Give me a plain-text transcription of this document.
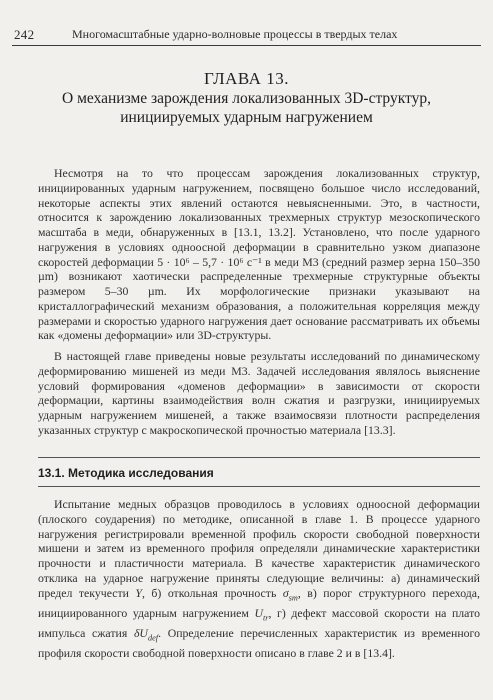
242	Многомасштабные ударно-волновые процессы в твердых телах
ГЛАВА 13.
О механизме зарождения локализованных 3D-структур,
инициируемых ударным нагружением

Несмотря на то что процессам зарождения локализованных структур, инициированных ударным нагружением, посвящено большое число исследований, некоторые аспекты этих явлений остаются невыясненными. Это, в частности, относится к зарождению локализованных трехмерных структур мезоскопического масштаба в меди, обнаруженных в [13.1, 13.2]. Установлено, что после ударного нагружения в условиях одноосной деформации в сравнительно узком диапазоне скоростей деформации 5 · 10⁶ – 5,7 · 10⁶ с⁻¹ в меди М3 (средний размер зерна 150–350 µm) возникают хаотически распределенные трехмерные структурные объекты размером 5–30 µm. Их морфологические признаки указывают на кристаллографический механизм образования, а положительная корреляция между размерами и скоростью ударного нагружения дает основание рассматривать их объемы как «домены деформации» или 3D-структуры.

В настоящей главе приведены новые результаты исследований по динамическому деформированию мишеней из меди М3. Задачей исследования являлось выяснение условий формирования «доменов деформации» в зависимости от скорости деформации, картины взаимодействия волн сжатия и разгрузки, инициируемых ударным нагружением мишеней, а также взаимосвязи плотности распределения указанных структур с макроскопической прочностью материала [13.3].

13.1. Методика исследования

Испытание медных образцов проводилось в условиях одноосной деформации (плоского соударения) по методике, описанной в главе 1. В процессе ударного нагружения регистрировали временной профиль скорости свободной поверхности мишени и затем из временного профиля определяли динамические характеристики прочности и пластичности материала. В качестве характеристик динамического отклика на ударное нагружение приняты следующие величины: а) динамический предел текучести Y, б) откольная прочность $\sigma_{sm}$, в) порог структурного перехода, инициированного ударным нагружением $U_{tr}$, г) дефект массовой скорости на плато импульса сжатия $\delta U_{def}$. Определение перечисленных характеристик из временного профиля скорости свободной поверхности описано в главе 2 и в [13.4].
